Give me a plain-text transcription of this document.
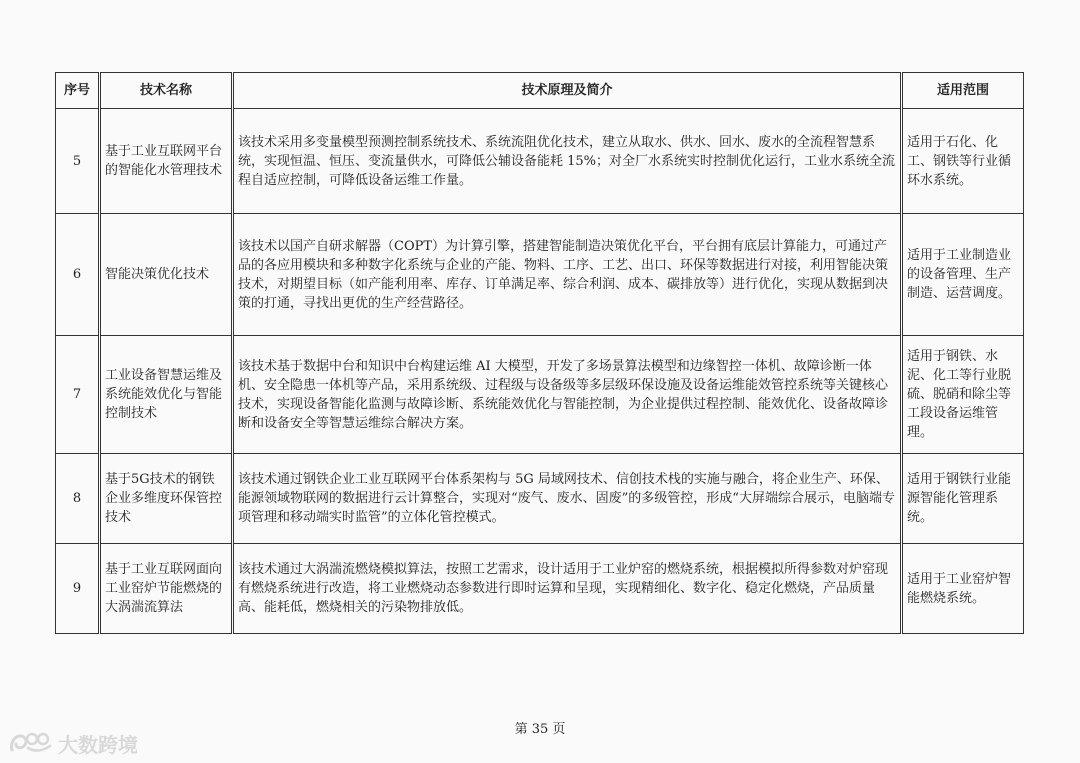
序号	技术名称	技术原理及简介	适用范围
5	基于工业互联网平台的智能化水管理技术	该技术采用多变量模型预测控制系统技术、系统流阻优化技术，建立从取水、供水、回水、废水的全流程智慧系统，实现恒温、恒压、变流量供水，可降低公辅设备能耗 15%；对全厂水系统实时控制优化运行，工业水系统全流程自适应控制，可降低设备运维工作量。	适用于石化、化工、钢铁等行业循环水系统。
6	智能决策优化技术	该技术以国产自研求解器（COPT）为计算引擎，搭建智能制造决策优化平台，平台拥有底层计算能力，可通过产品的各应用模块和多种数字化系统与企业的产能、物料、工序、工艺、出口、环保等数据进行对接，利用智能决策技术，对期望目标（如产能利用率、库存、订单满足率、综合利润、成本、碳排放等）进行优化，实现从数据到决策的打通，寻找出更优的生产经营路径。	适用于工业制造业的设备管理、生产制造、运营调度。
7	工业设备智慧运维及系统能效优化与智能控制技术	该技术基于数据中台和知识中台构建运维 AI 大模型，开发了多场景算法模型和边缘智控一体机、故障诊断一体机、安全隐患一体机等产品，采用系统级、过程级与设备级等多层级环保设施及设备运维能效管控系统等关键核心技术，实现设备智能化监测与故障诊断、系统能效优化与智能控制，为企业提供过程控制、能效优化、设备故障诊断和设备安全等智慧运维综合解决方案。	适用于钢铁、水泥、化工等行业脱硫、脱硝和除尘等工段设备运维管理。
8	基于5G技术的钢铁企业多维度环保管控技术	该技术通过钢铁企业工业互联网平台体系架构与 5G 局域网技术、信创技术栈的实施与融合，将企业生产、环保、能源领域物联网的数据进行云计算整合，实现对“废气、废水、固废”的多级管控，形成“大屏端综合展示，电脑端专项管理和移动端实时监管”的立体化管控模式。	适用于钢铁行业能源智能化管理系统。
9	基于工业互联网面向工业窑炉节能燃烧的大涡湍流算法	该技术通过大涡湍流燃烧模拟算法，按照工艺需求，设计适用于工业炉窑的燃烧系统，根据模拟所得参数对炉窑现有燃烧系统进行改造，将工业燃烧动态参数进行即时运算和呈现，实现精细化、数字化、稳定化燃烧，产品质量高、能耗低，燃烧相关的污染物排放低。	适用于工业窑炉智能燃烧系统。
第 35 页
大数跨境
